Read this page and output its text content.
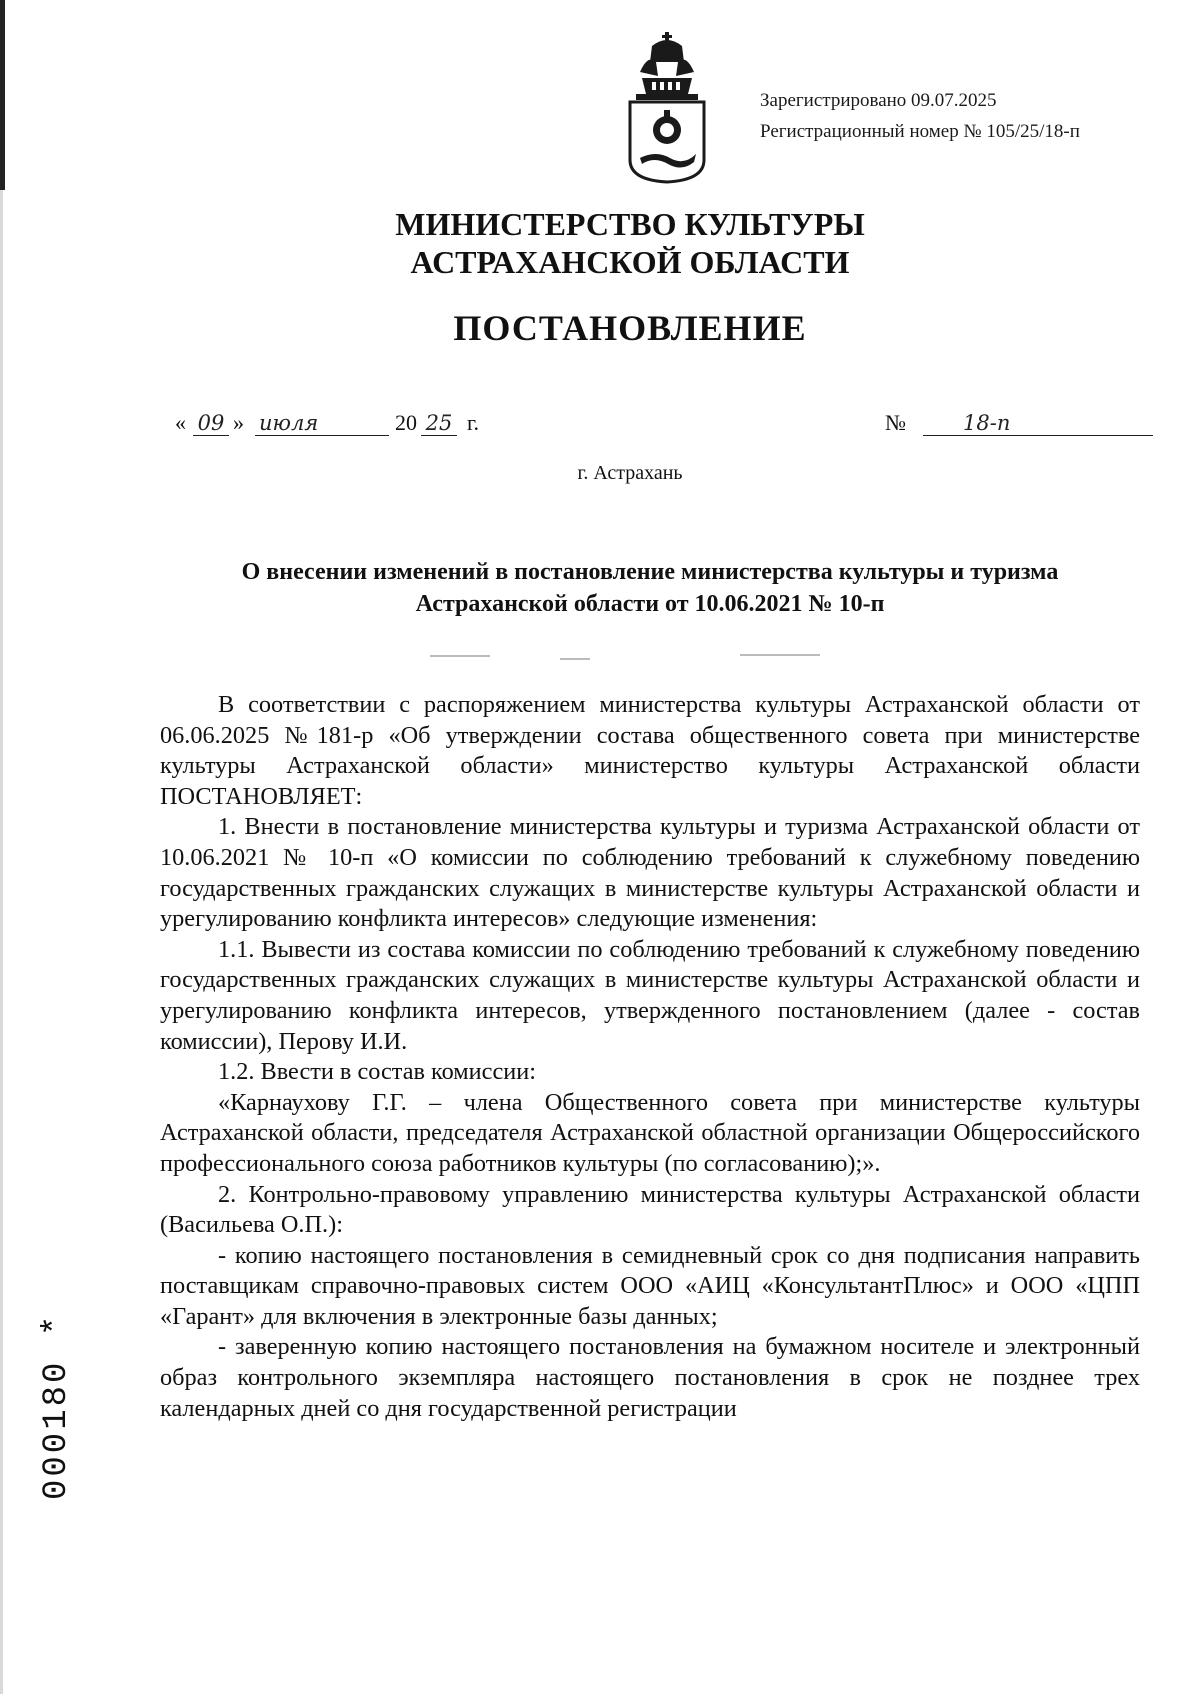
Зарегистрировано 09.07.2025
Регистрационный номер № 105/25/18-п
МИНИСТЕРСТВО КУЛЬТУРЫ
АСТРАХАНСКОЙ ОБЛАСТИ
ПОСТАНОВЛЕНИЕ
« 09 » июля	20 25 г.	№	18-п
г. Астрахань
О внесении изменений в постановление министерства культуры и туризма
Астраханской области от 10.06.2021 № 10-п

В соответствии с распоряжением министерства культуры Астраханской области от 06.06.2025 №181-р «Об утверждении состава общественного совета при министерстве культуры Астраханской области» министерство культуры Астраханской области ПОСТАНОВЛЯЕТ:

1. Внести в постановление министерства культуры и туризма Астраханской области от 10.06.2021 № 10-п «О комиссии по соблюдению требований к служебному поведению государственных гражданских служащих в министерстве культуры Астраханской области и урегулированию конфликта интересов» следующие изменения:

1.1. Вывести из состава комиссии по соблюдению требований к служебному поведению государственных гражданских служащих в министерстве культуры Астраханской области и урегулированию конфликта интересов, утвержденного постановлением (далее - состав комиссии), Перову И.И.

1.2. Ввести в состав комиссии:

«Карнаухову Г.Г. – члена Общественного совета при министерстве культуры Астраханской области, председателя Астраханской областной организации Общероссийского профессионального союза работников культуры (по согласованию);».

2. Контрольно-правовому управлению министерства культуры Астраханской области (Васильева О.П.):

- копию настоящего постановления в семидневный срок со дня подписания направить поставщикам справочно-правовых систем ООО «АИЦ «КонсультантПлюс» и ООО «ЦПП «Гарант» для включения в электронные базы данных;

- заверенную копию настоящего постановления на бумажном носителе и электронный образ контрольного экземпляра настоящего постановления в срок не позднее трех календарных дней со дня государственной регистрации

000180 *
